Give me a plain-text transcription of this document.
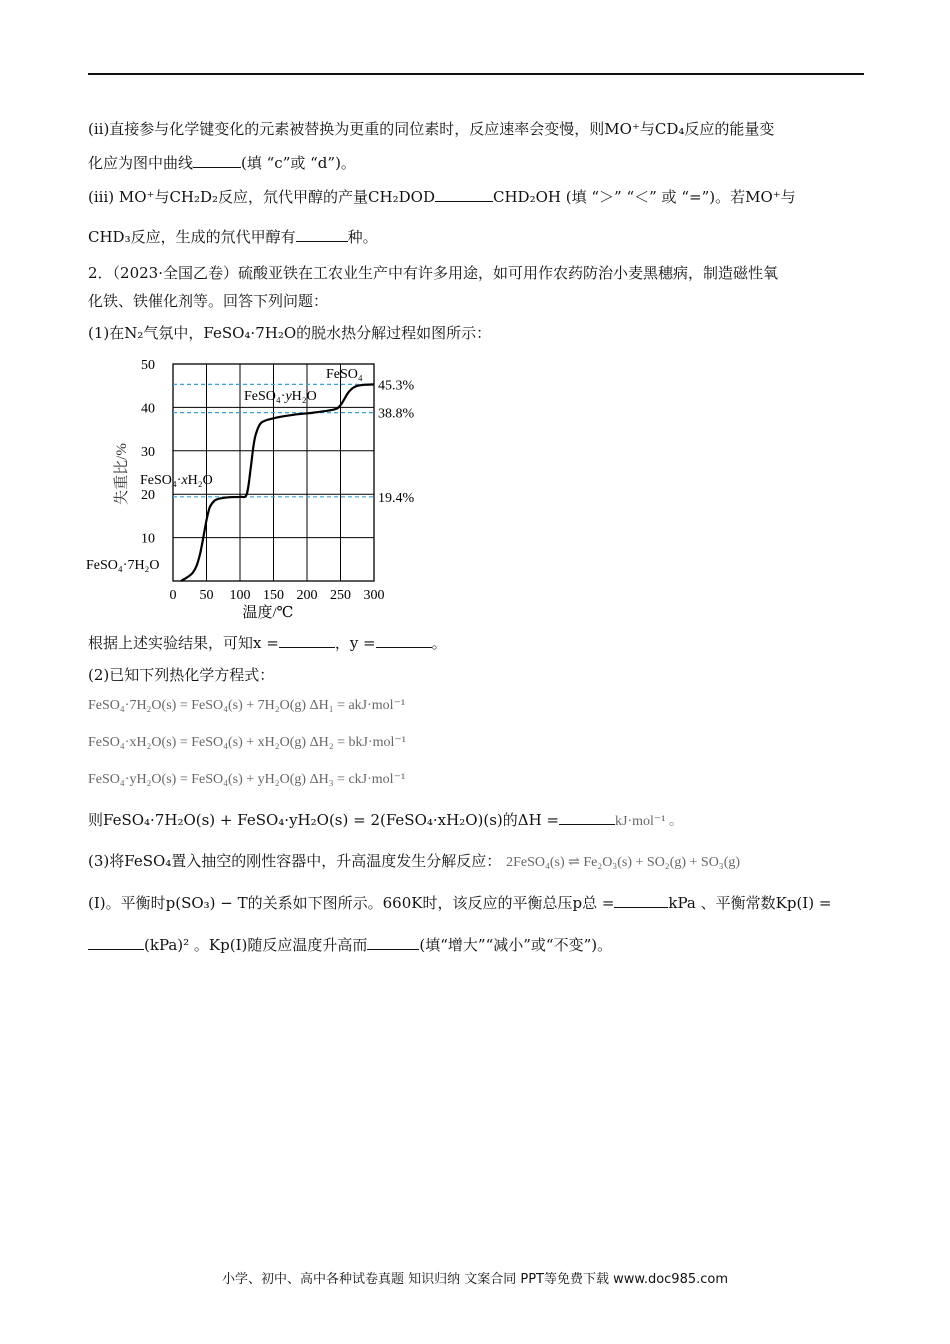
(ii)直接参与化学键变化的元素被替换为更重的同位素时，反应速率会变慢，则MO⁺与CD₄反应的能量变
化应为图中曲线	(填 “c”或 “d”)。
(iii) MO⁺与CH₂D₂反应，氘代甲醇的产量CH₂DOD	CHD₂OH (填 “＞” “＜” 或 “=”)。若MO⁺与
CHD₃反应，生成的氘代甲醇有	种。
2．（2023·全国乙卷）硫酸亚铁在工农业生产中有许多用途，如可用作农药防治小麦黑穗病，制造磁性氧
化铁、铁催化剂等。回答下列问题：
(1)在N₂气氛中，FeSO₄·7H₂O的脱水热分解过程如图所示：
0 50 100 150 200 250 300
10
20
30
40
50
45.3%
38.8%
19.4%
温度/℃
失重比/%
FeSO₄·7H₂O
FeSO₄·xH₂O
FeSO₄·yH₂O
FeSO₄
根据上述实验结果，可知x =	，y =	。
(2)已知下列热化学方程式：
FeSO₄·7H₂O(s) = FeSO₄(s) + 7H₂O(g) ΔH₁ = akJ·mol⁻¹
FeSO₄·xH₂O(s) = FeSO₄(s) + xH₂O(g) ΔH₂ = bkJ·mol⁻¹
FeSO₄·yH₂O(s) = FeSO₄(s) + yH₂O(g) ΔH₃ = ckJ·mol⁻¹
则FeSO₄·7H₂O(s) + FeSO₄·yH₂O(s) = 2(FeSO₄·xH₂O)(s)的ΔH =	kJ·mol⁻¹ 。
(3)将FeSO₄置入抽空的刚性容器中，升高温度发生分解反应： 2FeSO₄(s) ⇌ Fe₂O₃(s) + SO₂(g) + SO₃(g)
(I)。平衡时p(SO₃) − T的关系如下图所示。660K时，该反应的平衡总压p总 =	kPa 、平衡常数Kp(I) =
(kPa)² 。Kp(I)随反应温度升高而	(填“增大”“减小”或“不变”)。
小学、初中、高中各种试卷真题 知识归纳 文案合同 PPT等免费下载 www.doc985.com
